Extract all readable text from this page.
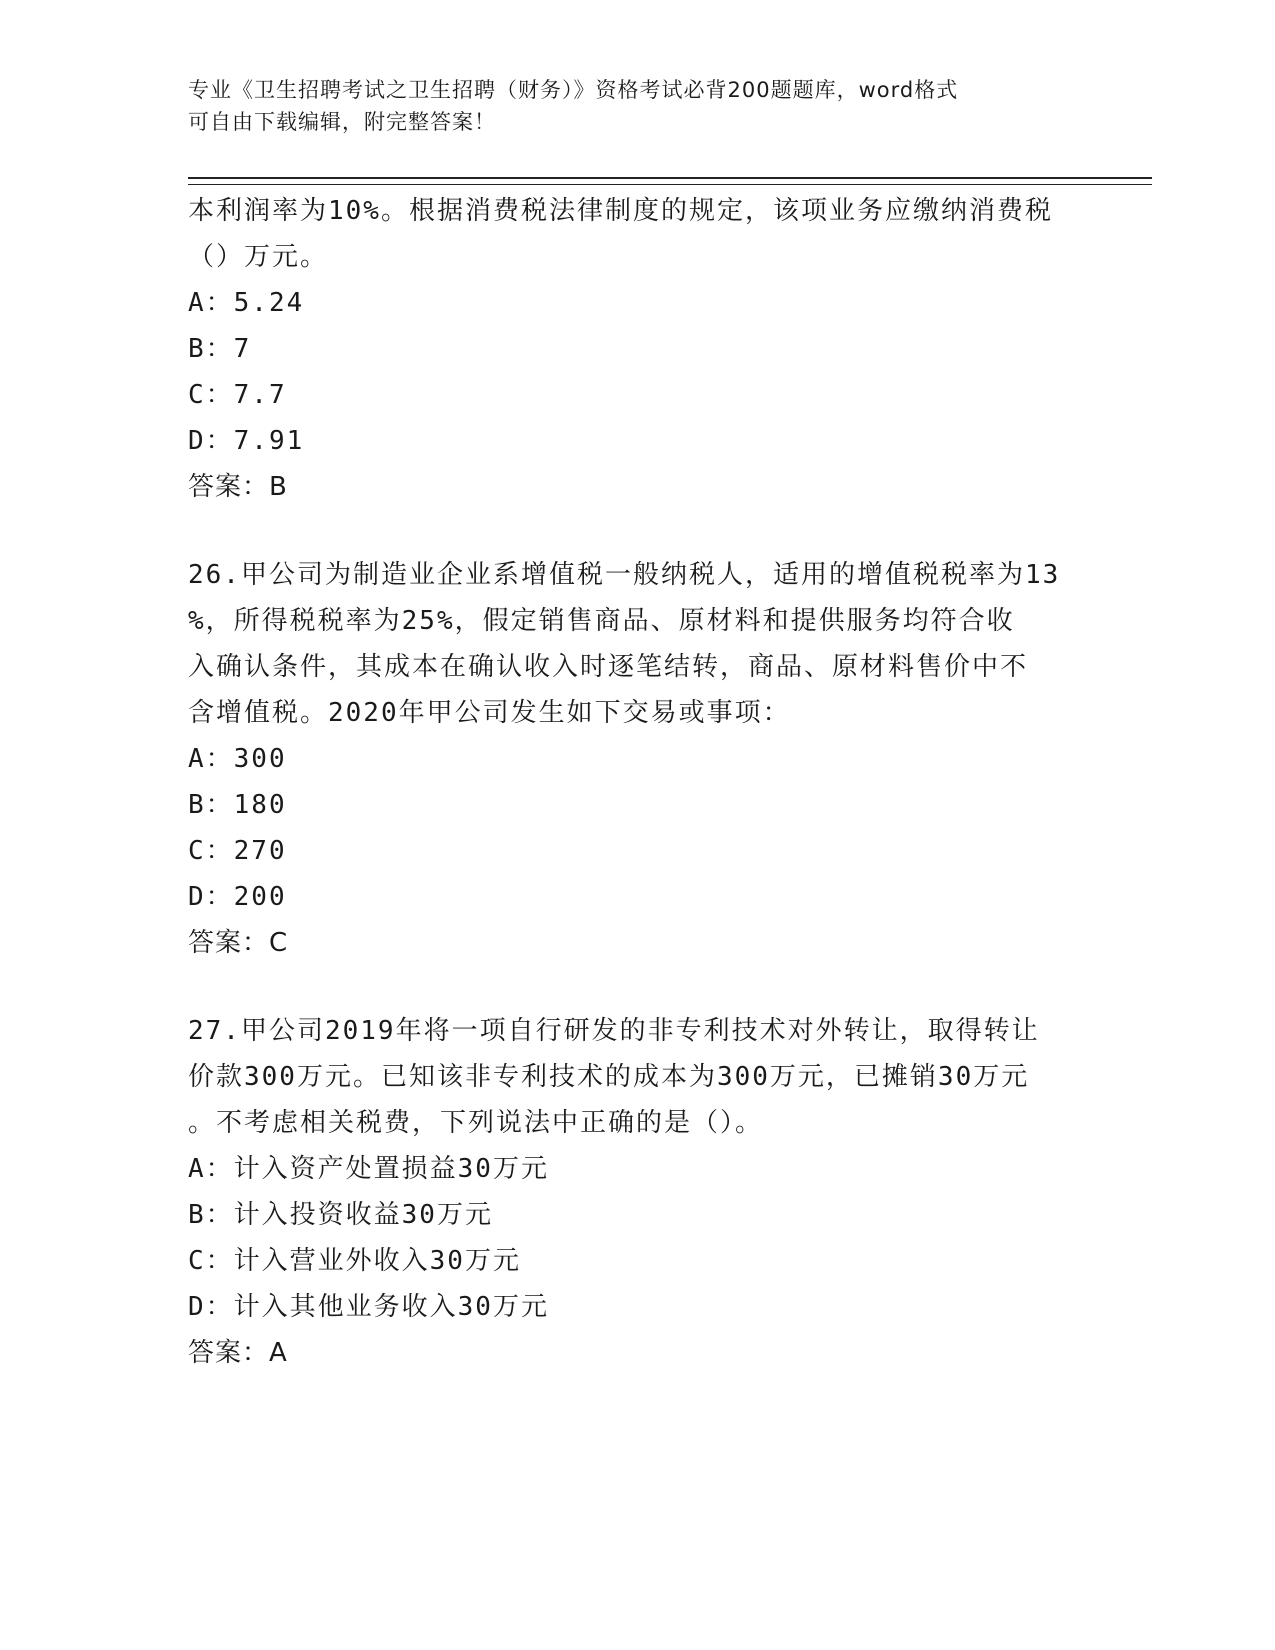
专业《卫生招聘考试之卫生招聘（财务）》资格考试必背200题题库，word格式
可自由下载编辑，附完整答案！
本利润率为10%。根据消费税法律制度的规定，该项业务应缴纳消费税
（）万元。
A：5.24
B：7
C：7.7
D：7.91
答案：B
26.甲公司为制造业企业系增值税一般纳税人，适用的增值税税率为13
%，所得税税率为25%，假定销售商品、原材料和提供服务均符合收
入确认条件，其成本在确认收入时逐笔结转，商品、原材料售价中不
含增值税。2020年甲公司发生如下交易或事项：
A：300
B：180
C：270
D：200
答案：C
27.甲公司2019年将一项自行研发的非专利技术对外转让，取得转让
价款300万元。已知该非专利技术的成本为300万元，已摊销30万元
。不考虑相关税费，下列说法中正确的是（）。
A：计入资产处置损益30万元
B：计入投资收益30万元
C：计入营业外收入30万元
D：计入其他业务收入30万元
答案：A
